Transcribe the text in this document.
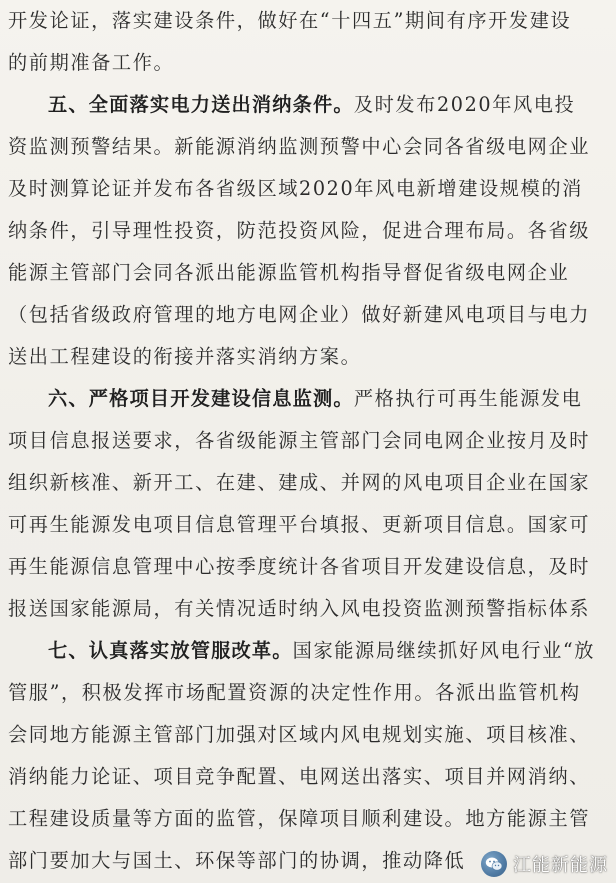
开发论证，落实建设条件，做好在“十四五”期间有序开发建设
的前期准备工作。
五、全面落实电力送出消纳条件。及时发布2020年风电投
资监测预警结果。新能源消纳监测预警中心会同各省级电网企业
及时测算论证并发布各省级区域2020年风电新增建设规模的消
纳条件，引导理性投资，防范投资风险，促进合理布局。各省级
能源主管部门会同各派出能源监管机构指导督促省级电网企业
（包括省级政府管理的地方电网企业）做好新建风电项目与电力
送出工程建设的衔接并落实消纳方案。
六、严格项目开发建设信息监测。严格执行可再生能源发电
项目信息报送要求，各省级能源主管部门会同电网企业按月及时
组织新核准、新开工、在建、建成、并网的风电项目企业在国家
可再生能源发电项目信息管理平台填报、更新项目信息。国家可
再生能源信息管理中心按季度统计各省项目开发建设信息，及时
报送国家能源局，有关情况适时纳入风电投资监测预警指标体系
七、认真落实放管服改革。国家能源局继续抓好风电行业“放
管服”，积极发挥市场配置资源的决定性作用。各派出监管机构
会同地方能源主管部门加强对区域内风电规划实施、项目核准、
消纳能力论证、项目竞争配置、电网送出落实、项目并网消纳、
工程建设质量等方面的监管，保障项目顺利建设。地方能源主管
部门要加大与国土、环保等部门的协调，推动降低	江能新能源
